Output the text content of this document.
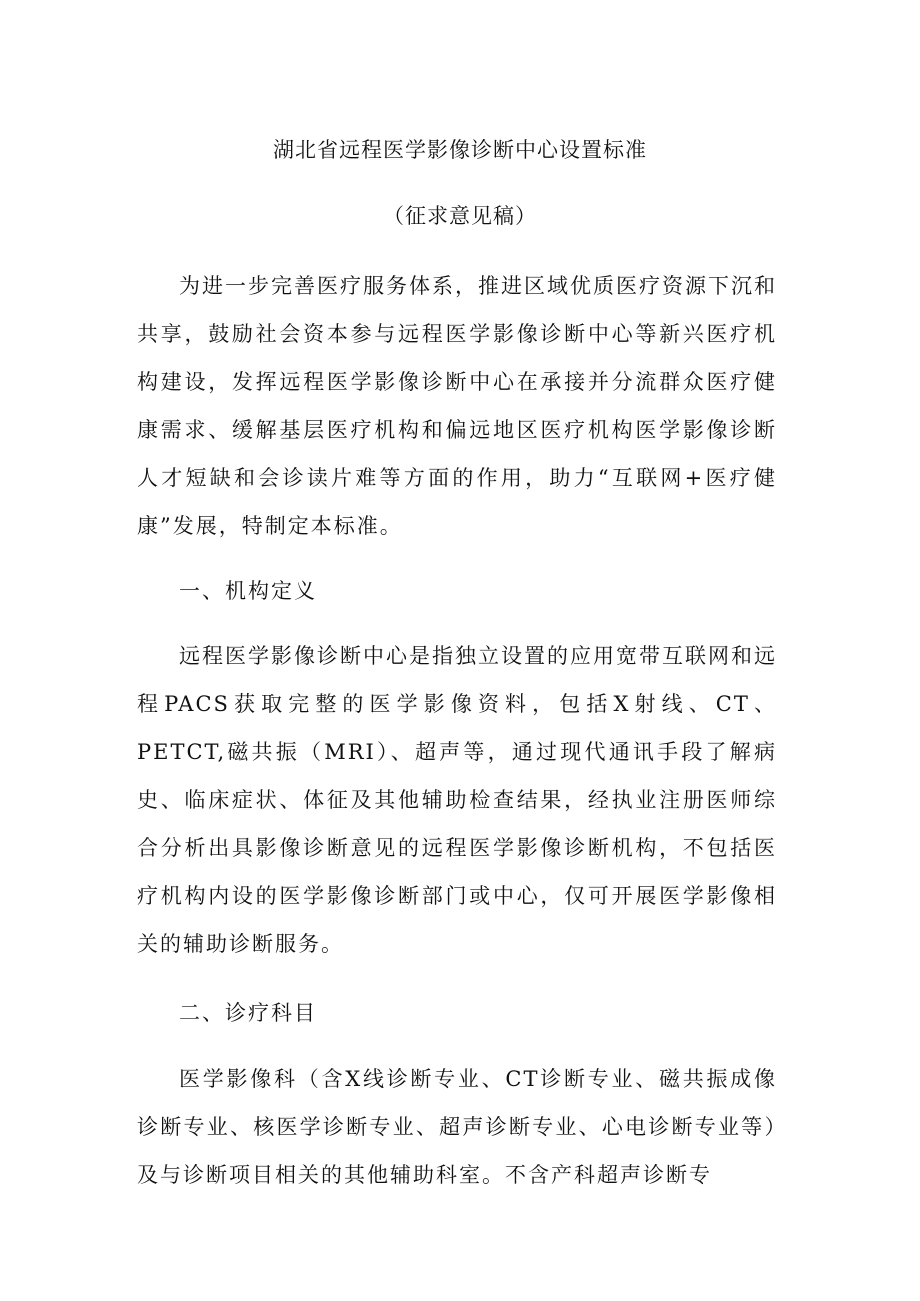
湖北省远程医学影像诊断中心设置标准
（征求意见稿）

为进一步完善医疗服务体系，推进区域优质医疗资源下沉和共享，鼓励社会资本参与远程医学影像诊断中心等新兴医疗机构建设，发挥远程医学影像诊断中心在承接并分流群众医疗健康需求、缓解基层医疗机构和偏远地区医疗机构医学影像诊断人才短缺和会诊读片难等方面的作用，助力“互联网+医疗健康”发展，特制定本标准。

一、机构定义

远程医学影像诊断中心是指独立设置的应用宽带互联网和远程PACS获取完整的医学影像资料，包括X射线、CT、PETCT,磁共振（MRI）、超声等，通过现代通讯手段了解病史、临床症状、体征及其他辅助检查结果，经执业注册医师综合分析出具影像诊断意见的远程医学影像诊断机构，不包括医疗机构内设的医学影像诊断部门或中心，仅可开展医学影像相关的辅助诊断服务。

二、诊疗科目

医学影像科（含X线诊断专业、CT诊断专业、磁共振成像诊断专业、核医学诊断专业、超声诊断专业、心电诊断专业等）及与诊断项目相关的其他辅助科室。不含产科超声诊断专
